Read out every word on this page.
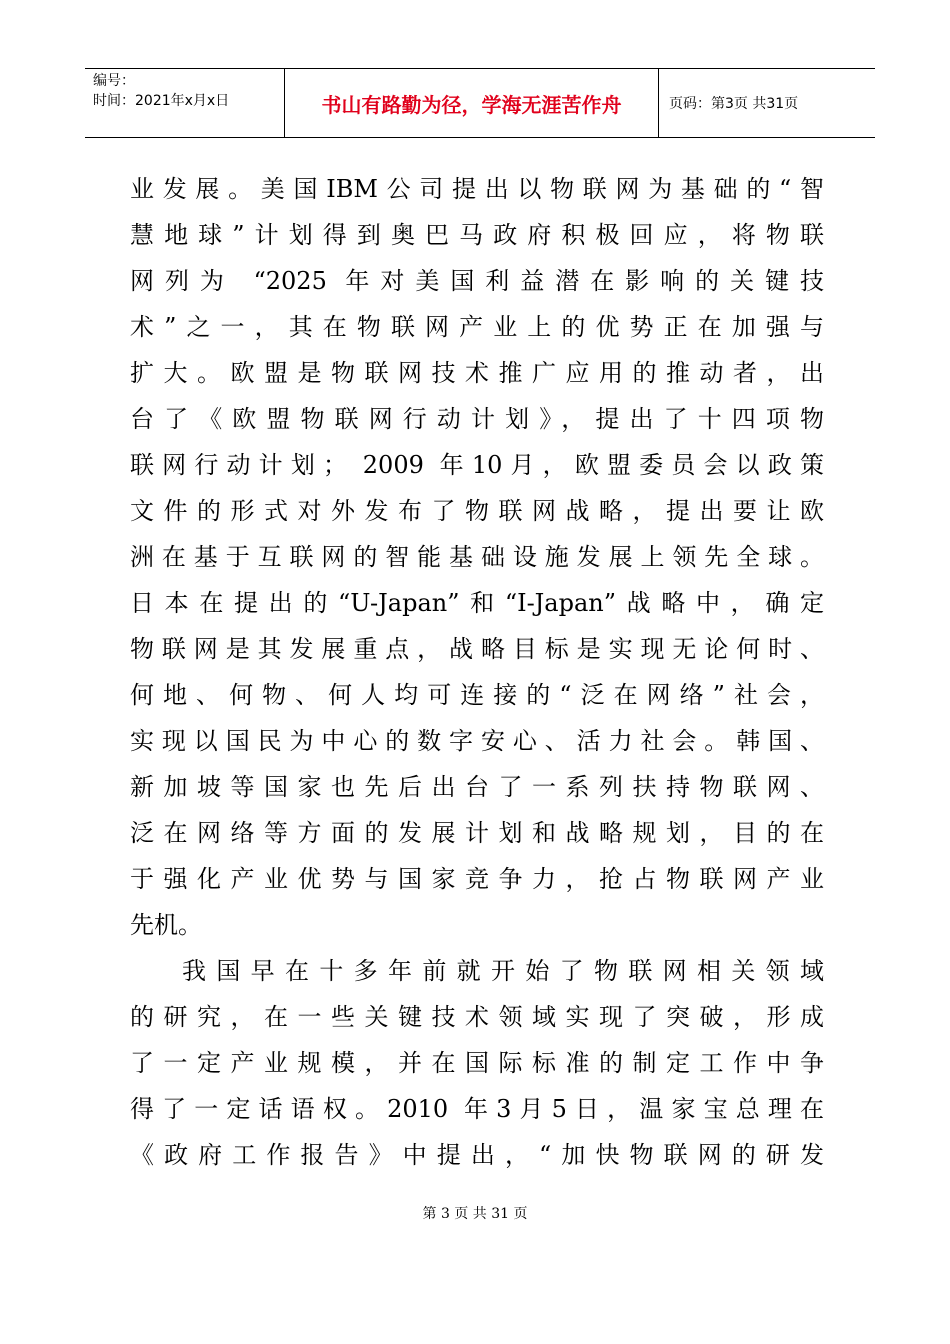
编号：
时间：2021年x月x日	书山有路勤为径，学海无涯苦作舟	页码：第3页 共31页
业发展。美国IBM公司提出以物联网为基础的“智
慧地球”计划得到奥巴马政府积极回应，将物联
网列为 “2025 年对美国利益潜在影响的关键技
术”之一，其在物联网产业上的优势正在加强与
扩大。欧盟是物联网技术推广应用的推动者，出
台了《欧盟物联网行动计划》，提出了十四项物
联网行动计划； 2009 年10月，欧盟委员会以政策
文件的形式对外发布了物联网战略，提出要让欧
洲在基于互联网的智能基础设施发展上领先全球。
日本在提出的“U-Japan”和“I-Japan”战略中，确定
物联网是其发展重点，战略目标是实现无论何时、
何地、何物、何人均可连接的“泛在网络”社会，
实现以国民为中心的数字安心、活力社会。韩国、
新加坡等国家也先后出台了一系列扶持物联网、
泛在网络等方面的发展计划和战略规划，目的在
于强化产业优势与国家竞争力，抢占物联网产业
先机。
我国早在十多年前就开始了物联网相关领域
的研究，在一些关键技术领域实现了突破，形成
了一定产业规模，并在国际标准的制定工作中争
得了一定话语权。2010 年3月5日，温家宝总理在
《政府工作报告》中提出，“加快物联网的研发
第 3 页 共 31 页
